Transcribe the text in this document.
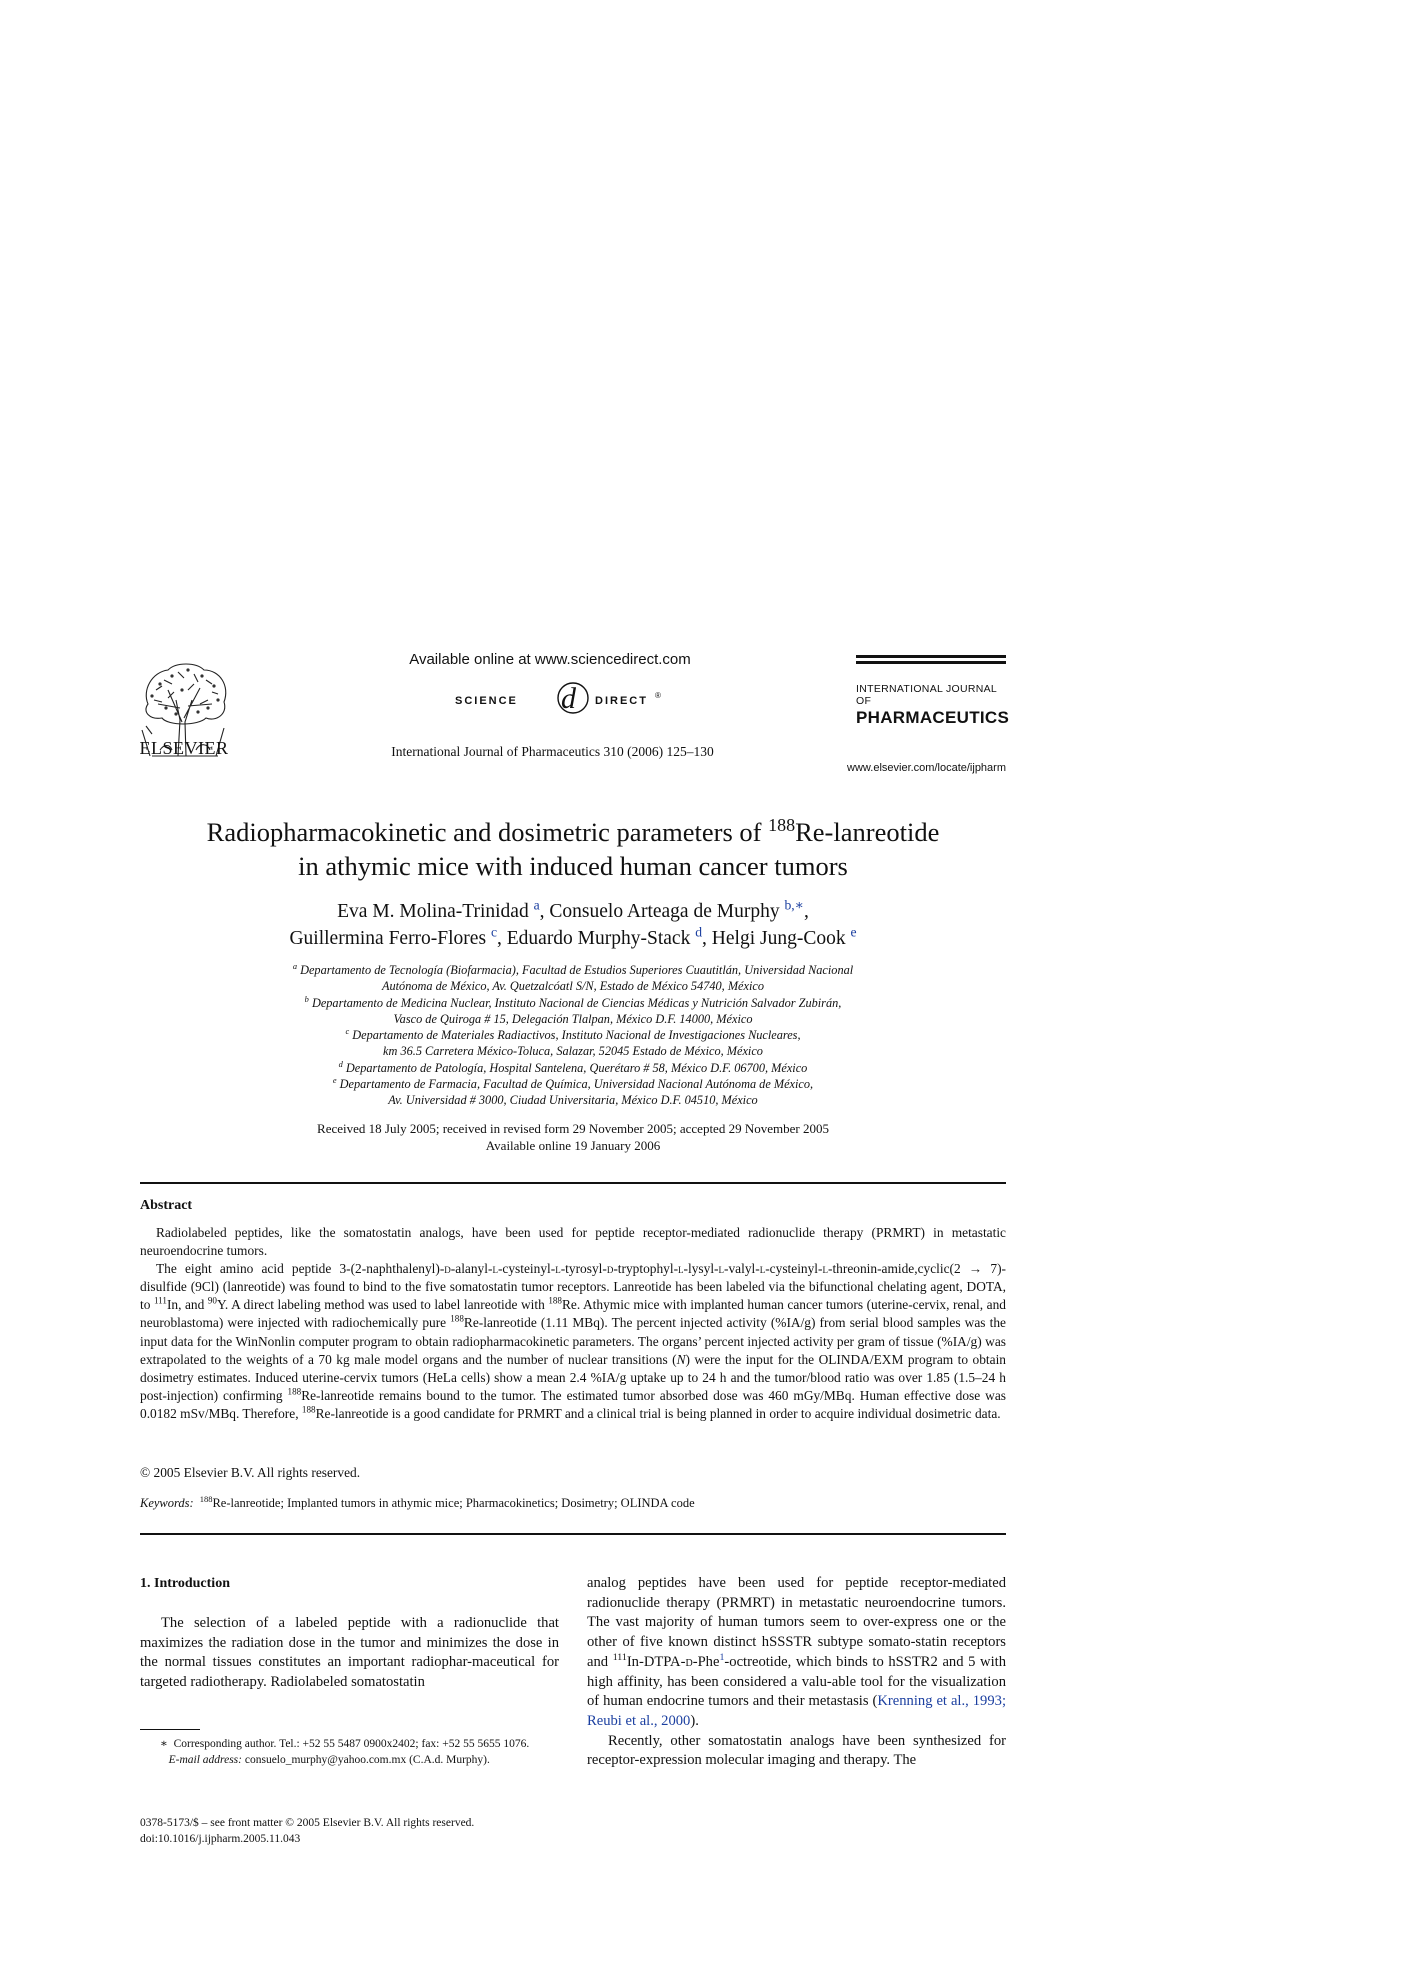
ELSEVIER
Available online at www.sciencedirect.com
SCIENCE d DIRECT ®
International Journal of Pharmaceutics 310 (2006) 125–130
INTERNATIONAL JOURNAL OF
PHARMACEUTICS
www.elsevier.com/locate/ijpharm
Radiopharmacokinetic and dosimetric parameters of $^{188}$Re-lanreotide
in athymic mice with induced human cancer tumors
Eva M. Molina-Trinidad $^a$, Consuelo Arteaga de Murphy $^{b,∗}$,
Guillermina Ferro-Flores $^c$, Eduardo Murphy-Stack $^d$, Helgi Jung-Cook $^e$
$^a$ Departamento de Tecnología (Biofarmacia), Facultad de Estudios Superiores Cuautitlán, Universidad Nacional
Autónoma de México, Av. Quetzalcóatl S/N, Estado de México 54740, México
$^b$ Departamento de Medicina Nuclear, Instituto Nacional de Ciencias Médicas y Nutrición Salvador Zubirán,
Vasco de Quiroga # 15, Delegación Tlalpan, México D.F. 14000, México
$^c$ Departamento de Materiales Radiactivos, Instituto Nacional de Investigaciones Nucleares,
km 36.5 Carretera México-Toluca, Salazar, 52045 Estado de México, México
$^d$ Departamento de Patología, Hospital Santelena, Querétaro # 58, México D.F. 06700, México
$^e$ Departamento de Farmacia, Facultad de Química, Universidad Nacional Autónoma de México,
Av. Universidad # 3000, Ciudad Universitaria, México D.F. 04510, México
Received 18 July 2005; received in revised form 29 November 2005; accepted 29 November 2005
Available online 19 January 2006
Abstract

Radiolabeled peptides, like the somatostatin analogs, have been used for peptide receptor-mediated radionuclide therapy (PRMRT) in metastatic neuroendocrine tumors.

The eight amino acid peptide 3-(2-naphthalenyl)-d-alanyl-l-cysteinyl-l-tyrosyl-d-tryptophyl-l-lysyl-l-valyl-l-cysteinyl-l-threonin-amide,cyclic(2 → 7)-disulfide (9Cl) (lanreotide) was found to bind to the five somatostatin tumor receptors. Lanreotide has been labeled via the bifunctional chelating agent, DOTA, to $^{111}$In, and $^{90}$Y. A direct labeling method was used to label lanreotide with $^{188}$Re. Athymic mice with implanted human cancer tumors (uterine-cervix, renal, and neuroblastoma) were injected with radiochemically pure $^{188}$Re-lanreotide (1.11 MBq). The percent injected activity (%IA/g) from serial blood samples was the input data for the WinNonlin computer program to obtain radiopharmacokinetic parameters. The organs’ percent injected activity per gram of tissue (%IA/g) was extrapolated to the weights of a 70 kg male model organs and the number of nuclear transitions (N) were the input for the OLINDA/EXM program to obtain dosimetry estimates. Induced uterine-cervix tumors (HeLa cells) show a mean 2.4 %IA/g uptake up to 24 h and the tumor/blood ratio was over 1.85 (1.5–24 h post-injection) confirming $^{188}$Re-lanreotide remains bound to the tumor. The estimated tumor absorbed dose was 460 mGy/MBq. Human effective dose was 0.0182 mSv/MBq. Therefore, $^{188}$Re-lanreotide is a good candidate for PRMRT and a clinical trial is being planned in order to acquire individual dosimetric data.

© 2005 Elsevier B.V. All rights reserved.
Keywords: $^{188}$Re-lanreotide; Implanted tumors in athymic mice; Pharmacokinetics; Dosimetry; OLINDA code
1. Introduction

The selection of a labeled peptide with a radionuclide that maximizes the radiation dose in the tumor and minimizes the dose in the normal tissues constitutes an important radiophar-maceutical for targeted radiotherapy. Radiolabeled somatostatin

analog peptides have been used for peptide receptor-mediated radionuclide therapy (PRMRT) in metastatic neuroendocrine tumors. The vast majority of human tumors seem to over-express one or the other of five known distinct hSSSTR subtype somato-statin receptors and $^{111}$In-DTPA-d-Phe$^1$-octreotide, which binds to hSSTR2 and 5 with high affinity, has been considered a valu-able tool for the visualization of human endocrine tumors and their metastasis (Krenning et al., 1993; Reubi et al., 2000).

Recently, other somatostatin analogs have been synthesized for receptor-expression molecular imaging and therapy. The

∗ Corresponding author. Tel.: +52 55 5487 0900x2402; fax: +52 55 5655 1076.
E-mail address: consuelo_murphy@yahoo.com.mx (C.A.d. Murphy).
0378-5173/$ – see front matter © 2005 Elsevier B.V. All rights reserved.
doi:10.1016/j.ijpharm.2005.11.043
